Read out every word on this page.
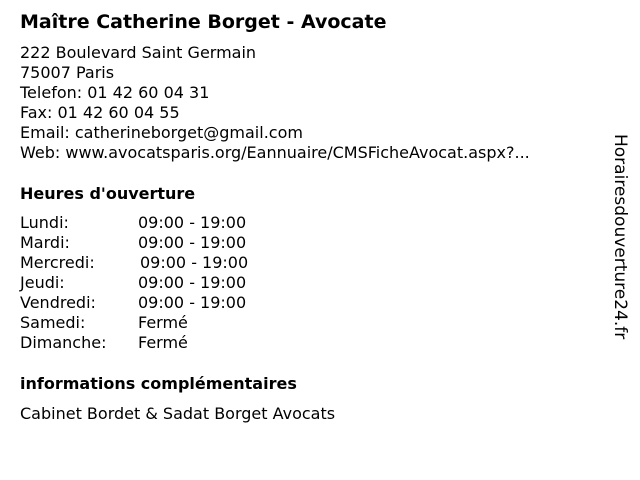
Maître Catherine Borget - Avocate
222 Boulevard Saint Germain
75007 Paris
Telefon: 01 42 60 04 31
Fax: 01 42 60 04 55
Email: catherineborget@gmail.com
Web: www.avocatsparis.org/Eannuaire/CMSFicheAvocat.aspx?...
Heures d'ouverture
Lundi:	09:00 - 19:00
Mardi:	09:00 - 19:00
Mercredi:	09:00 - 19:00
Jeudi:	09:00 - 19:00
Vendredi:	09:00 - 19:00
Samedi:	Fermé
Dimanche: Fermé
informations complémentaires
Cabinet Bordet & Sadat Borget Avocats
Horairesdouverture24.fr
